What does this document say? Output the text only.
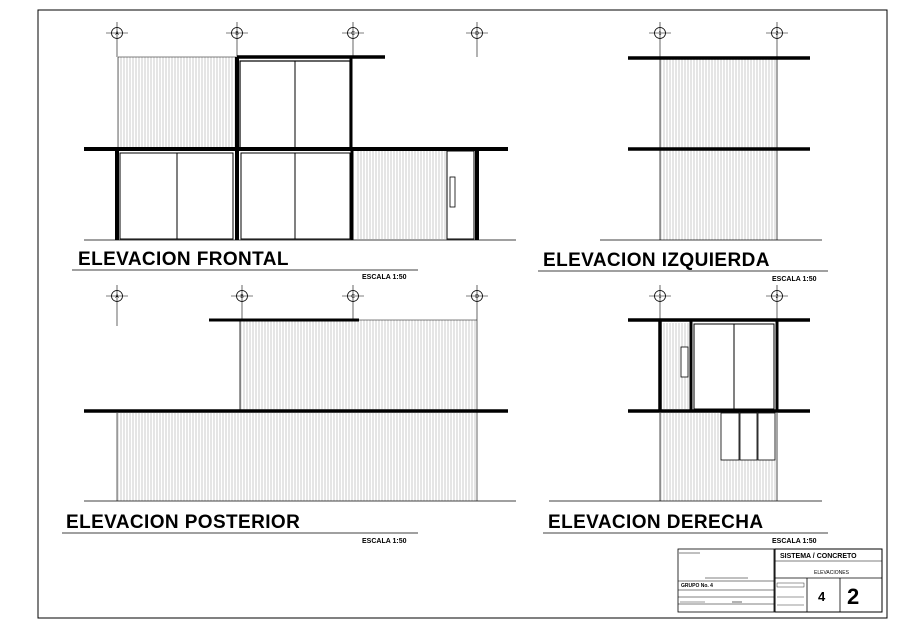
A	B	C	D
ELEVACION FRONTAL
ESCALA 1:50
1	2
ELEVACION IZQUIERDA
ESCALA 1:50
A	B	C	D
ELEVACION POSTERIOR
ESCALA 1:50
1	2
ELEVACION DERECHA
ESCALA 1:50
GRUPO No. 4
SISTEMA / CONCRETO
ELEVACIONES
4 2
